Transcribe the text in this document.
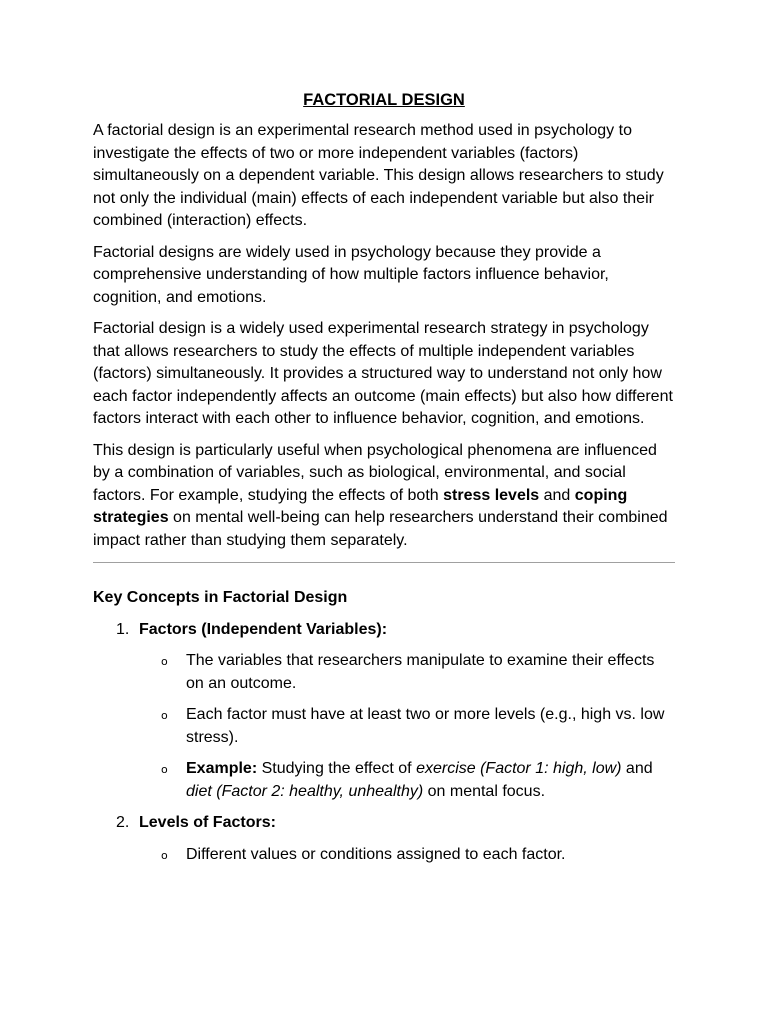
FACTORIAL DESIGN

A factorial design is an experimental research method used in psychology to investigate the effects of two or more independent variables (factors) simultaneously on a dependent variable. This design allows researchers to study not only the individual (main) effects of each independent variable but also their combined (interaction) effects.

Factorial designs are widely used in psychology because they provide a comprehensive understanding of how multiple factors influence behavior, cognition, and emotions.

Factorial design is a widely used experimental research strategy in psychology that allows researchers to study the effects of multiple independent variables (factors) simultaneously. It provides a structured way to understand not only how each factor independently affects an outcome (main effects) but also how different factors interact with each other to influence behavior, cognition, and emotions.

This design is particularly useful when psychological phenomena are influenced by a combination of variables, such as biological, environmental, and social factors. For example, studying the effects of both stress levels and coping strategies on mental well-being can help researchers understand their combined impact rather than studying them separately.

Key Concepts in Factorial Design
1. Factors (Independent Variables):
o The variables that researchers manipulate to examine their effects on an outcome.
o Each factor must have at least two or more levels (e.g., high vs. low stress).
o Example: Studying the effect of exercise (Factor 1: high, low) and diet (Factor 2: healthy, unhealthy) on mental focus.
2. Levels of Factors:
o Different values or conditions assigned to each factor.
